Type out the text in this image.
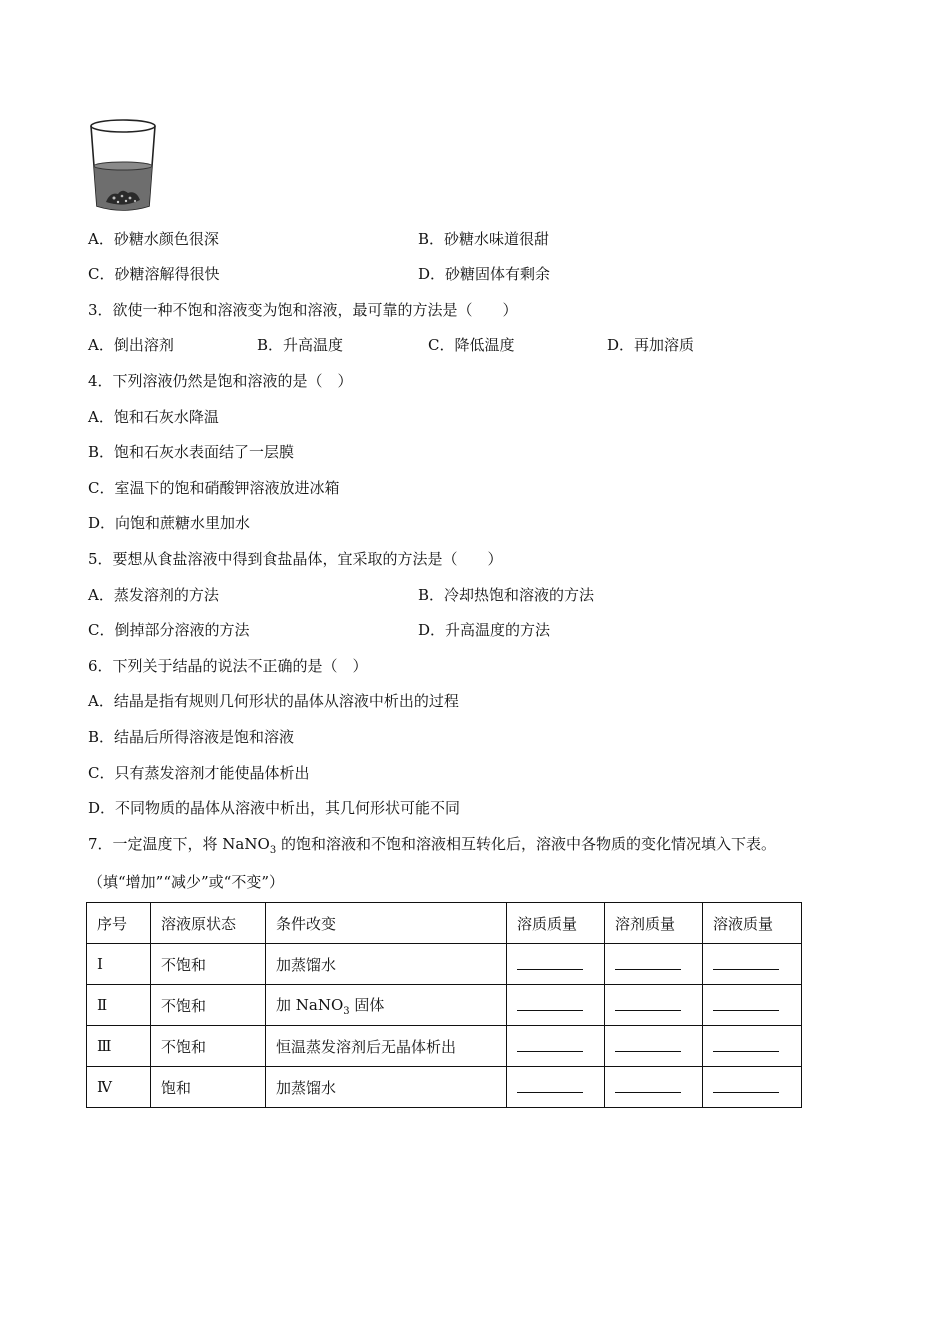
A．砂糖水颜色很深	B．砂糖水味道很甜
C．砂糖溶解得很快	D．砂糖固体有剩余
3．欲使一种不饱和溶液变为饱和溶液，最可靠的方法是（　　）
A．倒出溶剂	B．升高温度	C．降低温度	D．再加溶质
4．下列溶液仍然是饱和溶液的是（　）
A．饱和石灰水降温
B．饱和石灰水表面结了一层膜
C．室温下的饱和硝酸钾溶液放进冰箱
D．向饱和蔗糖水里加水
5．要想从食盐溶液中得到食盐晶体，宜采取的方法是（　　）
A．蒸发溶剂的方法	B．冷却热饱和溶液的方法
C．倒掉部分溶液的方法	D．升高温度的方法
6．下列关于结晶的说法不正确的是（　）
A．结晶是指有规则几何形状的晶体从溶液中析出的过程
B．结晶后所得溶液是饱和溶液
C．只有蒸发溶剂才能使晶体析出
D．不同物质的晶体从溶液中析出，其几何形状可能不同
7．一定温度下，将 NaNO$_3$ 的饱和溶液和不饱和溶液相互转化后，溶液中各物质的变化情况填入下表。
（填“增加”“减少”或“不变”）
序号	溶液原状态	条件改变	溶质质量	溶剂质量	溶液质量
Ⅰ	不饱和	加蒸馏水			
Ⅱ	不饱和	加 NaNO$_3$ 固体			
Ⅲ	不饱和	恒温蒸发溶剂后无晶体析出			
Ⅳ	饱和	加蒸馏水			
